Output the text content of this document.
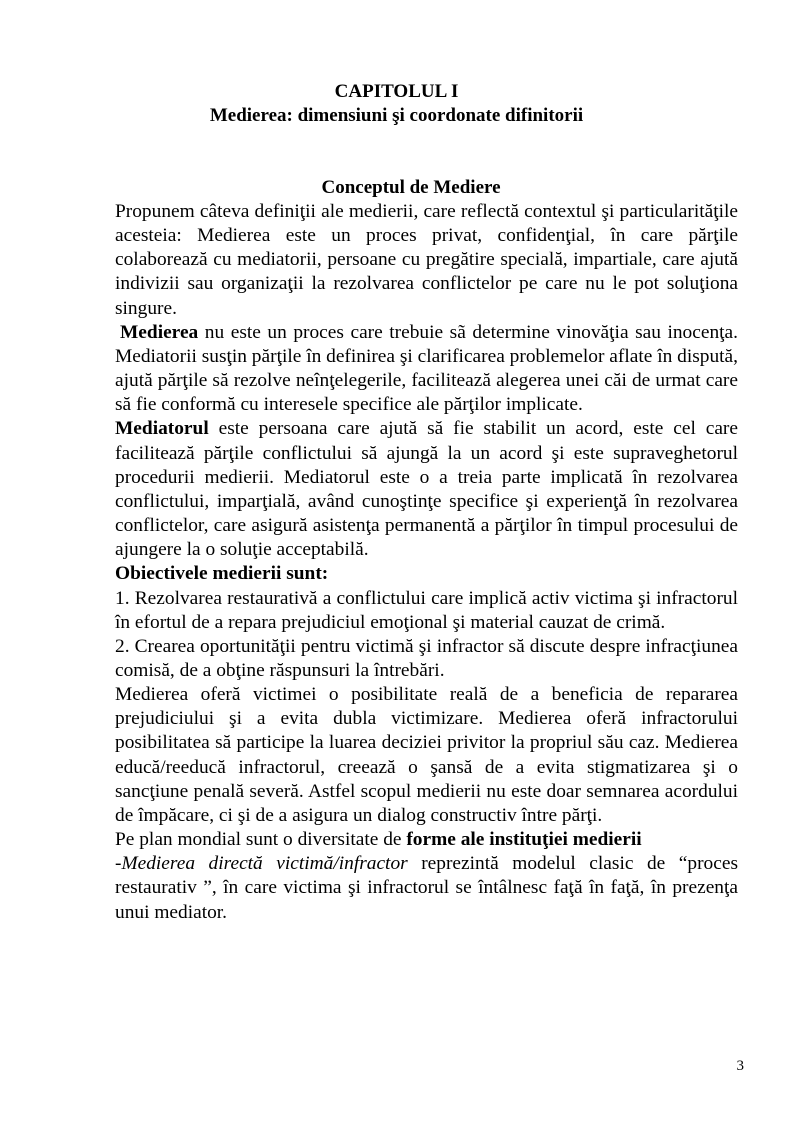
CAPITOLUL I
Medierea: dimensiuni şi coordonate difinitorii
Conceptul de Mediere

Propunem câteva definiţii ale medierii, care reflectă contextul şi particularităţile acesteia: Medierea este un proces privat, confidenţial, în care părţile colaborează cu mediatorii, persoane cu pregătire specială, impartiale, care ajută indivizii sau organizaţii la rezolvarea conflictelor pe care nu le pot soluţiona singure.

Medierea nu este un proces care trebuie sã determine vinovăţia sau inocenţa. Mediatorii susţin părţile în definirea şi clarificarea problemelor aflate în dispută, ajută părţile să rezolve neînţelegerile, facilitează alegerea unei căi de urmat care să fie conformă cu interesele specifice ale părţilor implicate.

Mediatorul este persoana care ajută să fie stabilit un acord, este cel care facilitează părţile conflictului să ajungă la un acord şi este supraveghetorul procedurii medierii. Mediatorul este o a treia parte implicată în rezolvarea conflictului, imparţială, având cunoştinţe specifice şi experienţă în rezolvarea conflictelor, care asigură asistenţa permanentă a părţilor în timpul procesului de ajungere la o soluţie acceptabilă.

Obiectivele medierii sunt:

1. Rezolvarea restaurativă a conflictului care implică activ victima şi infractorul în efortul de a repara prejudiciul emoţional şi material cauzat de crimă.

2. Crearea oportunităţii pentru victimă şi infractor să discute despre infracţiunea comisă, de a obţine răspunsuri la întrebări.

Medierea oferă victimei o posibilitate reală de a beneficia de repararea prejudiciului şi a evita dubla victimizare. Medierea oferă infractorului posibilitatea să participe la luarea deciziei privitor la propriul său caz. Medierea educă/reeducă infractorul, creează o şansă de a evita stigmatizarea şi o sancţiune penală severă. Astfel scopul medierii nu este doar semnarea acordului de împăcare, ci şi de a asigura un dialog constructiv între părţi.

Pe plan mondial sunt o diversitate de forme ale instituţiei medierii

-Medierea directă victimă/infractor reprezintă modelul clasic de “proces restaurativ ”, în care victima şi infractorul se întâlnesc faţă în faţă, în prezenţa unui mediator.

3
